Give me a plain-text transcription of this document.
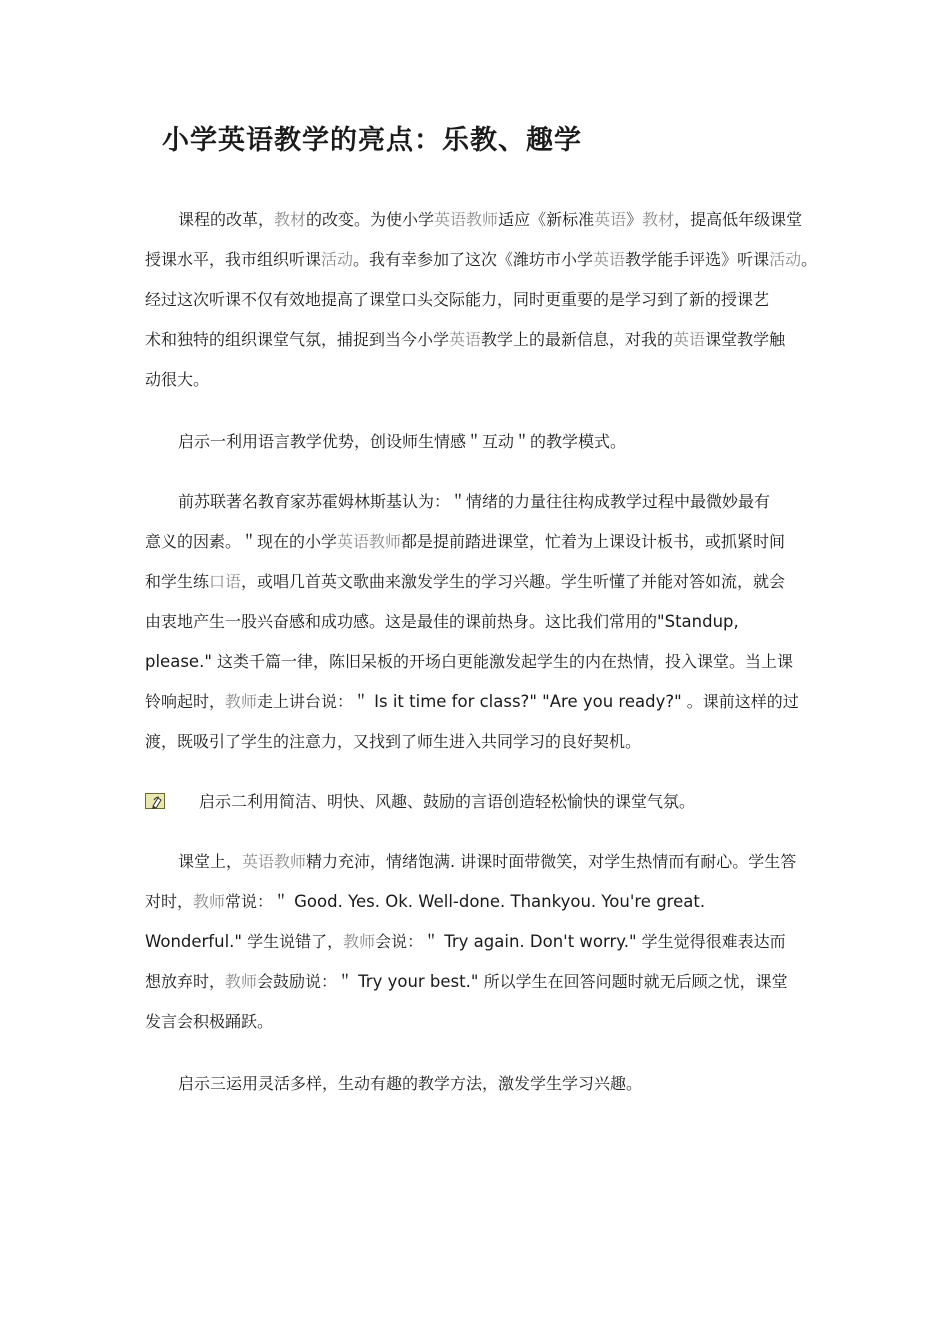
小学英语教学的亮点：乐教、趣学
课程的改革，教材的改变。为使小学英语教师适应《新标准英语》教材，提高低年级课堂
授课水平，我市组织听课活动。我有幸参加了这次《潍坊市小学英语教学能手评选》听课活动。
经过这次听课不仅有效地提高了课堂口头交际能力，同时更重要的是学习到了新的授课艺
术和独特的组织课堂气氛，捕捉到当今小学英语教学上的最新信息，对我的英语课堂教学触
动很大。
启示一利用语言教学优势，创设师生情感＂互动＂的教学模式。
前苏联著名教育家苏霍姆林斯基认为：＂情绪的力量往往构成教学过程中最微妙最有
意义的因素。＂现在的小学英语教师都是提前踏进课堂，忙着为上课设计板书，或抓紧时间
和学生练口语，或唱几首英文歌曲来激发学生的学习兴趣。学生听懂了并能对答如流，就会
由衷地产生一股兴奋感和成功感。这是最佳的课前热身。这比我们常用的"Standup,
please." 这类千篇一律，陈旧呆板的开场白更能激发起学生的内在热情，投入课堂。当上课
铃响起时，教师走上讲台说：＂ Is it time for class?" "Are you ready?" 。课前这样的过
渡，既吸引了学生的注意力，又找到了师生进入共同学习的良好契机。
启示二利用简洁、明快、风趣、鼓励的言语创造轻松愉快的课堂气氛。
课堂上，英语教师精力充沛，情绪饱满. 讲课时面带微笑，对学生热情而有耐心。学生答
对时，教师常说：＂ Good. Yes. Ok. Well-done. Thankyou. You're great.
Wonderful." 学生说错了，教师会说：＂ Try again. Don't worry." 学生觉得很难表达而
想放弃时，教师会鼓励说：＂ Try your best." 所以学生在回答问题时就无后顾之忧，课堂
发言会积极踊跃。
启示三运用灵活多样，生动有趣的教学方法，激发学生学习兴趣。
